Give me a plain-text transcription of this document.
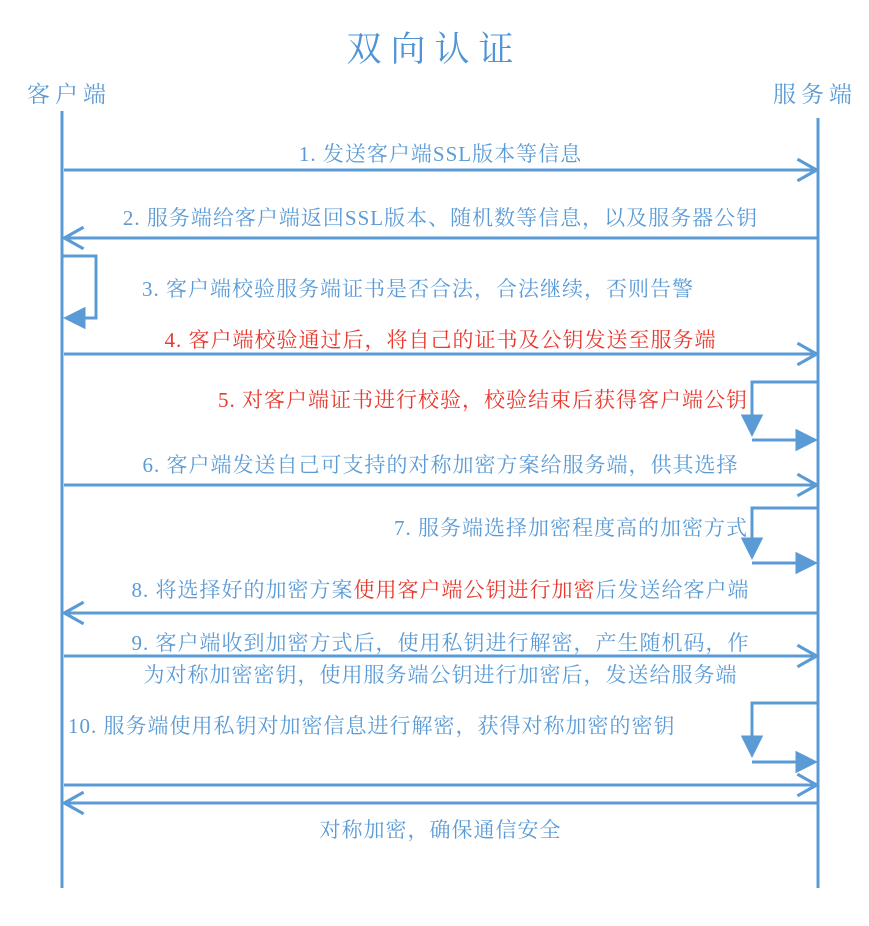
双向认证
客户端	服务端
1. 发送客户端SSL版本等信息
2. 服务端给客户端返回SSL版本、随机数等信息，以及服务器公钥
3. 客户端校验服务端证书是否合法，合法继续，否则告警
4. 客户端校验通过后，将自己的证书及公钥发送至服务端
5. 对客户端证书进行校验，校验结束后获得客户端公钥
6. 客户端发送自己可支持的对称加密方案给服务端，供其选择
7. 服务端选择加密程度高的加密方式
8. 将选择好的加密方案使用客户端公钥进行加密后发送给客户端
9. 客户端收到加密方式后，使用私钥进行解密，产生随机码，作
为对称加密密钥，使用服务端公钥进行加密后，发送给服务端
10. 服务端使用私钥对加密信息进行解密，获得对称加密的密钥
对称加密，确保通信安全
